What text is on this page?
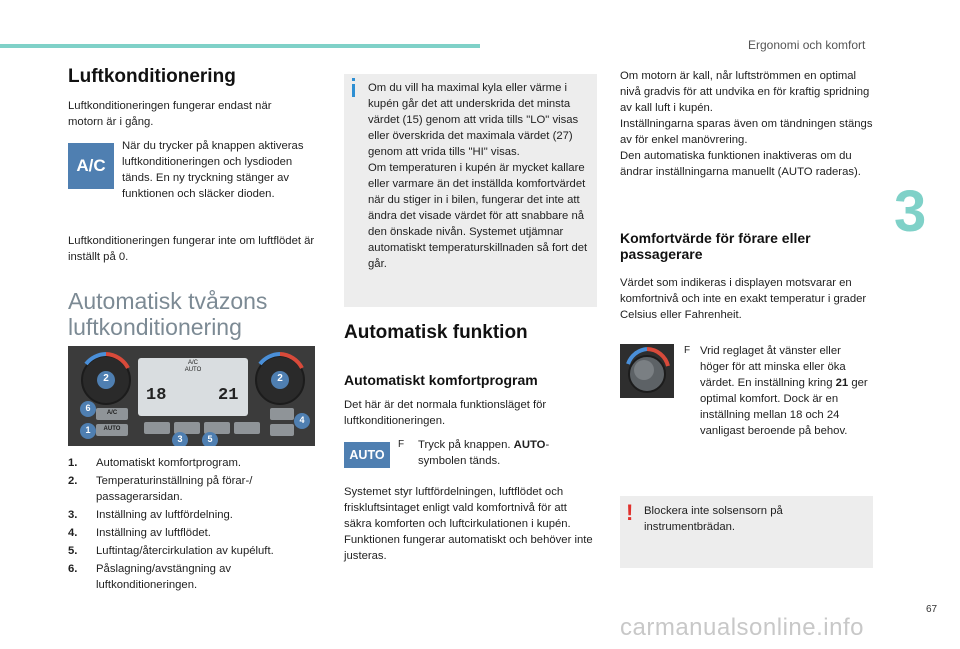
Ergonomi och komfort
3
Luftkonditionering

Luftkonditioneringen fungerar endast när motorn är i gång.

A/C

När du trycker på knappen aktiveras luftkonditioneringen och lysdioden tänds. En ny tryckning stänger av funktionen och släcker dioden.

Luftkonditioneringen fungerar inte om luftflödet är inställt på 0.

Automatisk tvåzons
luftkonditionering
2	2
6
1
3	5
4
A/C
AUTO
A/C
AUTO
18	21
1.	Automatiskt komfortprogram.
2.	Temperaturinställning på förar-/ passagerarsidan.
3.	Inställning av luftfördelning.
4.	Inställning av luftflödet.
5.	Luftintag/återcirkulation av kupéluft.
6.	Påslagning/avstängning av luftkonditioneringen.

Om du vill ha maximal kyla eller värme i kupén går det att underskrida det minsta värdet (15) genom att vrida tills "LO" visas eller överskrida det maximala värdet (27) genom att vrida tills "HI" visas.
Om temperaturen i kupén är mycket kallare eller varmare än det inställda komfortvärdet när du stiger in i bilen, fungerar det inte att ändra det visade värdet för att snabbare nå den önskade nivån. Systemet utjämnar automatiskt temperaturskillnaden så fort det går.

Automatisk funktion
Automatiskt komfortprogram

Det här är det normala funktionsläget för luftkonditioneringen.

AUTO
F	Tryck på knappen. AUTO-symbolen tänds.

Systemet styr luftfördelningen, luftflödet och friskluftsintaget enligt vald komfortnivå för att säkra komforten och luftcirkulationen i kupén. Funktionen fungerar automatiskt och behöver inte justeras.

Om motorn är kall, når luftströmmen en optimal nivå gradvis för att undvika en för kraftig spridning av kall luft i kupén.
Inställningarna sparas även om tändningen stängs av för enkel manövrering.
Den automatiska funktionen inaktiveras om du ändrar inställningarna manuellt (AUTO raderas).

Komfortvärde för förare eller
passagerare

Värdet som indikeras i displayen motsvarar en komfortnivå och inte en exakt temperatur i grader Celsius eller Fahrenheit.

F Vrid reglaget åt vänster eller höger för att minska eller öka värdet. En inställning kring 21 ger optimal komfort. Dock är en inställning mellan 18 och 24 vanligast beroende på behov.

! Blockera inte solsensorn på instrumentbrädan.

67
carmanualsonline.info
